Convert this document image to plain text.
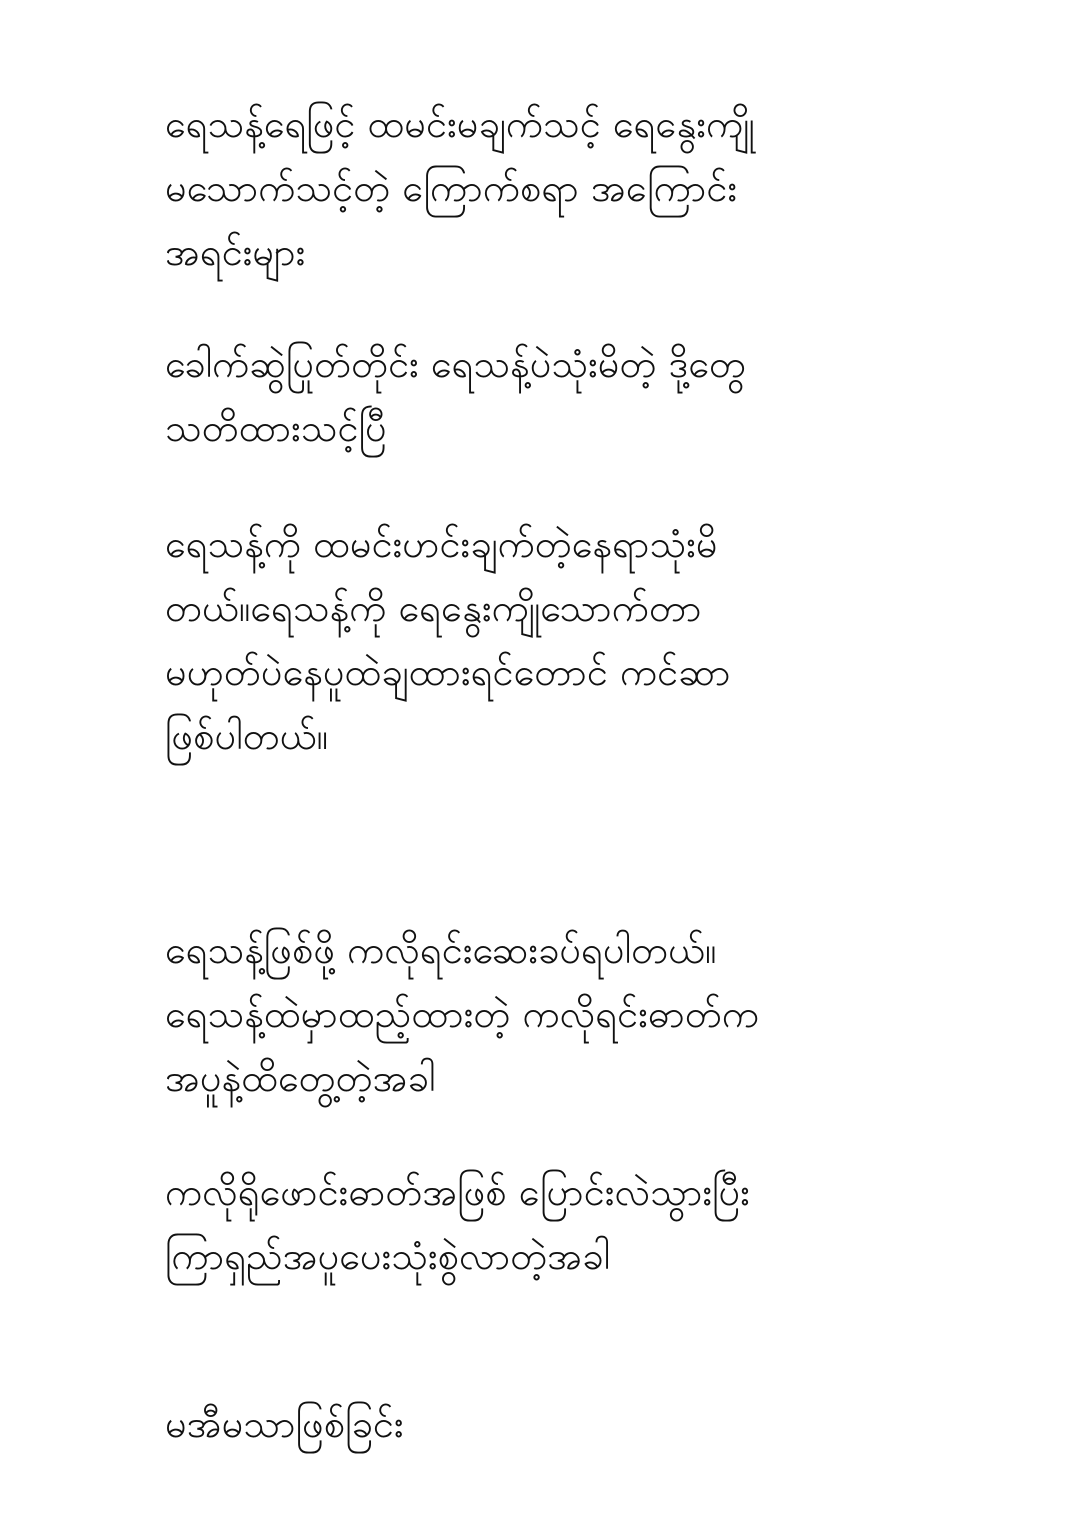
ရေသန့်ရေဖြင့် ထမင်းမချက်သင့် ရေနွေးကျို
မသောက်သင့်တဲ့ ကြောက်စရာ အကြောင်း
အရင်းများ

ခေါက်ဆွဲပြုတ်တိုင်း ရေသန့်ပဲသုံးမိတဲ့ ဒို့တွေ
သတိထားသင့်ပြီ

ရေသန့်ကို ထမင်းဟင်းချက်တဲ့နေရာသုံးမိ
တယ်။ရေသန့်ကို ရေနွေးကျိုသောက်တာ
မဟုတ်ပဲနေပူထဲချထားရင်တောင် ကင်ဆာ
ဖြစ်ပါတယ်။

ရေသန့်ဖြစ်ဖို့ ကလိုရင်းဆေးခပ်ရပါတယ်။
ရေသန့်ထဲမှာထည့်ထားတဲ့ ကလိုရင်းဓာတ်က
အပူနဲ့ထိတွေ့တဲ့အခါ

ကလိုရိုဖောင်းဓာတ်အဖြစ် ပြောင်းလဲသွားပြီး
ကြာရှည်အပူပေးသုံးစွဲလာတဲ့အခါ

မအီမသာဖြစ်ခြင်း
